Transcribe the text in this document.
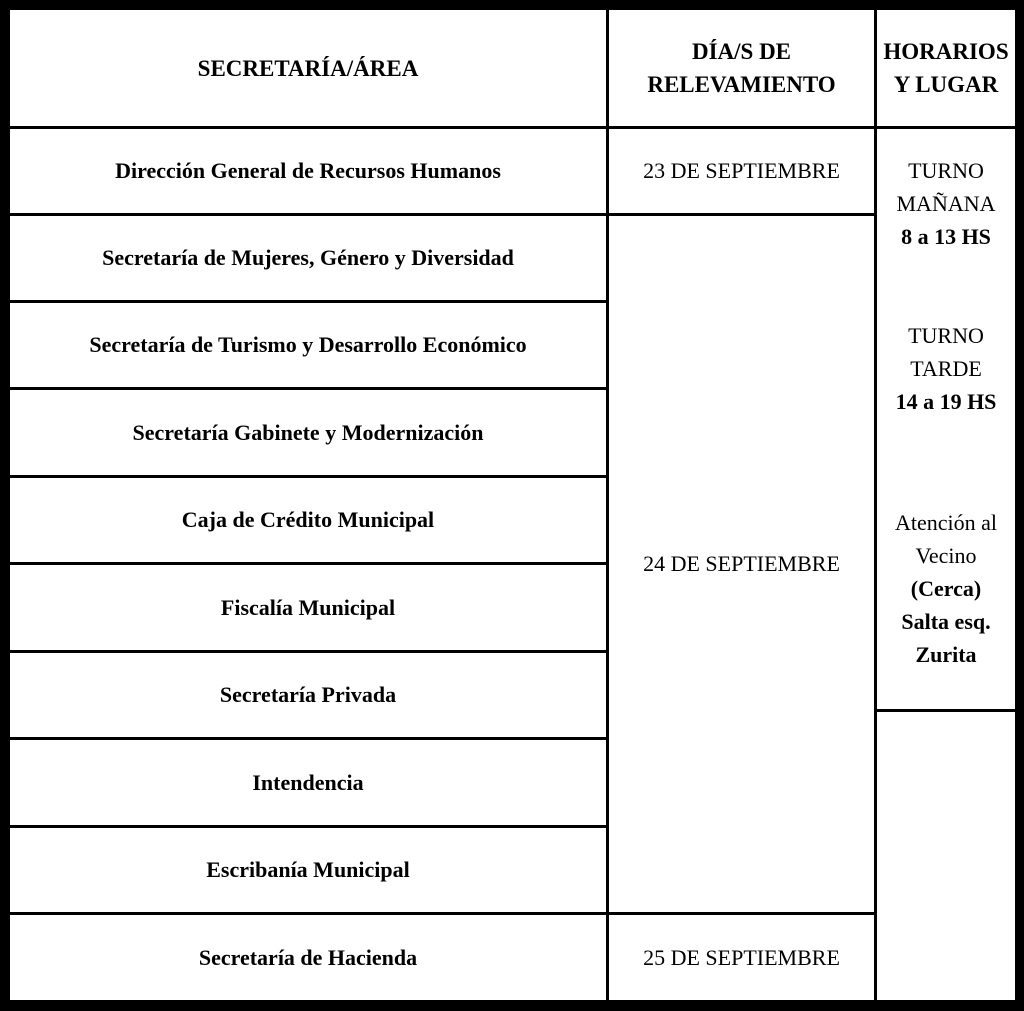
SECRETARÍA/ÁREA
DÍA/S DE
RELEVAMIENTO
HORARIOS
Y LUGAR
Dirección General de Recursos Humanos
Secretaría de Mujeres, Género y Diversidad
Secretaría de Turismo y Desarrollo Económico
Secretaría Gabinete y Modernización
Caja de Crédito Municipal
Fiscalía Municipal
Secretaría Privada
Intendencia
Escribanía Municipal
Secretaría de Hacienda
23 DE SEPTIEMBRE
24 DE SEPTIEMBRE
25 DE SEPTIEMBRE
TURNO
MAÑANA
8 a 13 HS
TURNO
TARDE
14 a 19 HS
Atención al
Vecino
(Cerca)
Salta esq.
Zurita
